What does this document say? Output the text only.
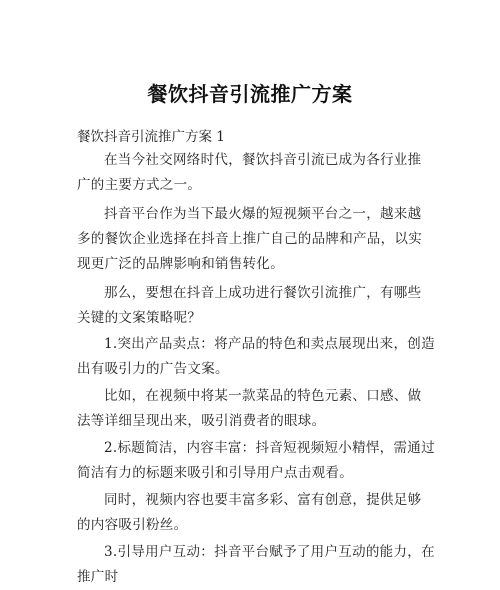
餐饮抖音引流推广方案
餐饮抖音引流推广方案 1

在当今社交网络时代，餐饮抖音引流已成为各行业推广的主要方式之一。

抖音平台作为当下最火爆的短视频平台之一，越来越多的餐饮企业选择在抖音上推广自己的品牌和产品，以实现更广泛的品牌影响和销售转化。

那么，要想在抖音上成功进行餐饮引流推广，有哪些关键的文案策略呢？

1.突出产品卖点：将产品的特色和卖点展现出来，创造出有吸引力的广告文案。

比如，在视频中将某一款菜品的特色元素、口感、做法等详细呈现出来，吸引消费者的眼球。

2.标题简洁，内容丰富：抖音短视频短小精悍，需通过简洁有力的标题来吸引和引导用户点击观看。

同时，视频内容也要丰富多彩、富有创意，提供足够的内容吸引粉丝。

3.引导用户互动：抖音平台赋予了用户互动的能力，在推广时
